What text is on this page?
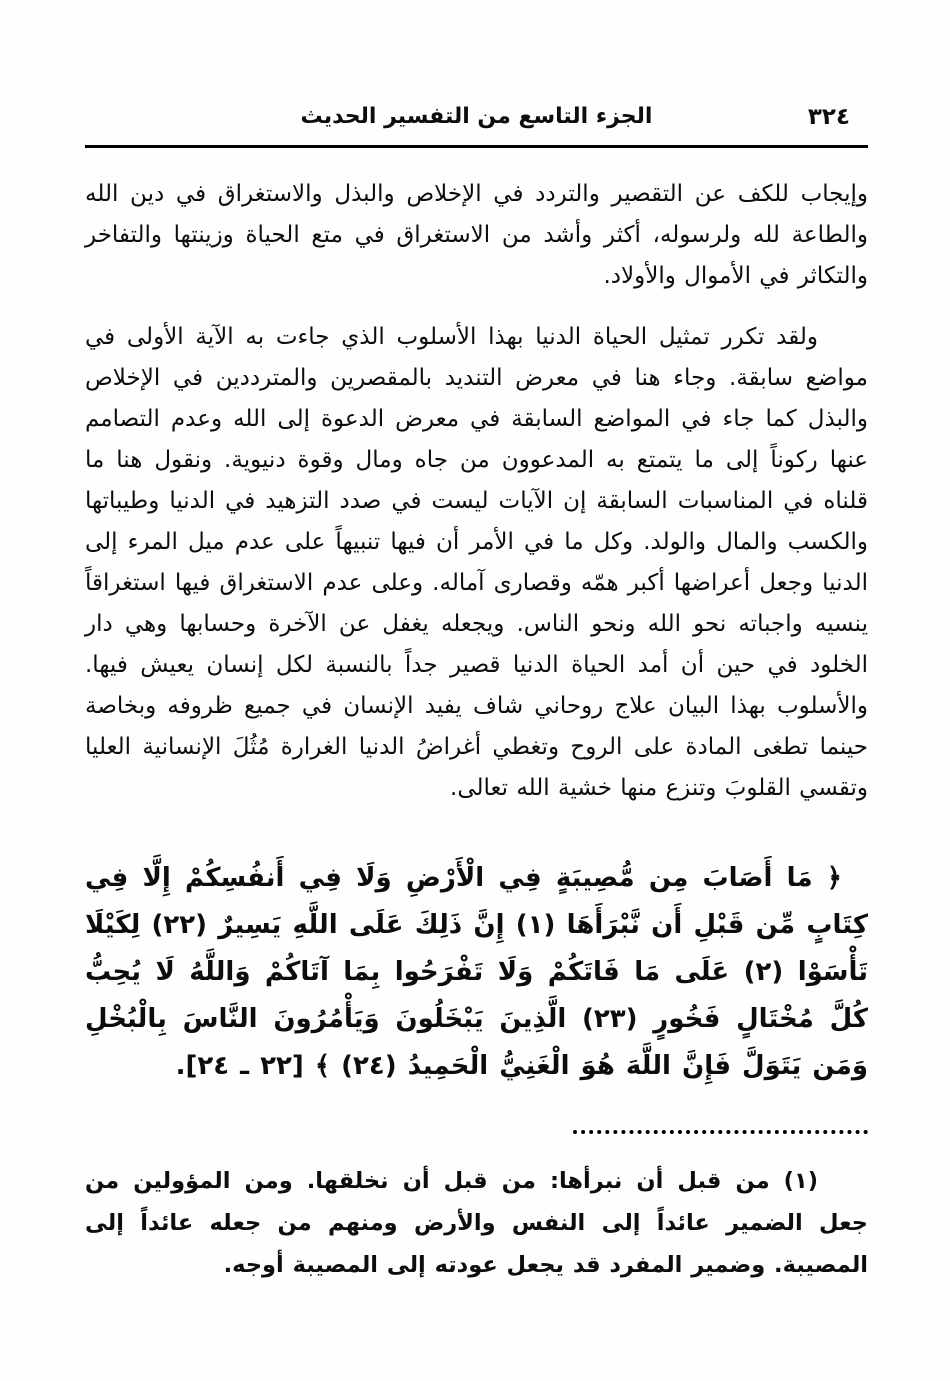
الجزء التاسع من التفسير الحديث	٣٢٤

وإيجاب للكف عن التقصير والتردد في الإخلاص والبذل والاستغراق في دين الله والطاعة لله ولرسوله، أكثر وأشد من الاستغراق في متع الحياة وزينتها والتفاخر والتكاثر في الأموال والأولاد.

ولقد تكرر تمثيل الحياة الدنيا بهذا الأسلوب الذي جاءت به الآية الأولى في مواضع سابقة. وجاء هنا في معرض التنديد بالمقصرين والمترددين في الإخلاص والبذل كما جاء في المواضع السابقة في معرض الدعوة إلى الله وعدم التصامم عنها ركوناً إلى ما يتمتع به المدعوون من جاه ومال وقوة دنيوية. ونقول هنا ما قلناه في المناسبات السابقة إن الآيات ليست في صدد التزهيد في الدنيا وطيباتها والكسب والمال والولد. وكل ما في الأمر أن فيها تنبيهاً على عدم ميل المرء إلى الدنيا وجعل أعراضها أكبر همّه وقصارى آماله. وعلى عدم الاستغراق فيها استغراقاً ينسيه واجباته نحو الله ونحو الناس. ويجعله يغفل عن الآخرة وحسابها وهي دار الخلود في حين أن أمد الحياة الدنيا قصير جداً بالنسبة لكل إنسان يعيش فيها. والأسلوب بهذا البيان علاج روحاني شاف يفيد الإنسان في جميع ظروفه وبخاصة حينما تطغى المادة على الروح وتغطي أغراضُ الدنيا الغرارة مُثُلَ الإنسانية العليا وتقسي القلوبَ وتنزع منها خشية الله تعالى.

﴿ مَا أَصَابَ مِن مُّصِيبَةٍ فِي الْأَرْضِ وَلَا فِي أَنفُسِكُمْ إِلَّا فِي كِتَابٍ مِّن قَبْلِ أَن نَّبْرَأَهَا (١) إِنَّ ذَلِكَ عَلَى اللَّهِ يَسِيرٌ (٢٢) لِكَيْلَا تَأْسَوْا (٢) عَلَى مَا فَاتَكُمْ وَلَا تَفْرَحُوا بِمَا آتَاكُمْ وَاللَّهُ لَا يُحِبُّ كُلَّ مُخْتَالٍ فَخُورٍ (٢٣) الَّذِينَ يَبْخَلُونَ وَيَأْمُرُونَ النَّاسَ بِالْبُخْلِ وَمَن يَتَوَلَّ فَإِنَّ اللَّهَ هُوَ الْغَنِيُّ الْحَمِيدُ (٢٤) ﴾ [٢٢ ـ ٢٤].

(١) من قبل أن نبرأها: من قبل أن نخلقها. ومن المؤولين من جعل الضمير عائداً إلى النفس والأرض ومنهم من جعله عائداً إلى المصيبة. وضمير المفرد قد يجعل عودته إلى المصيبة أوجه.
